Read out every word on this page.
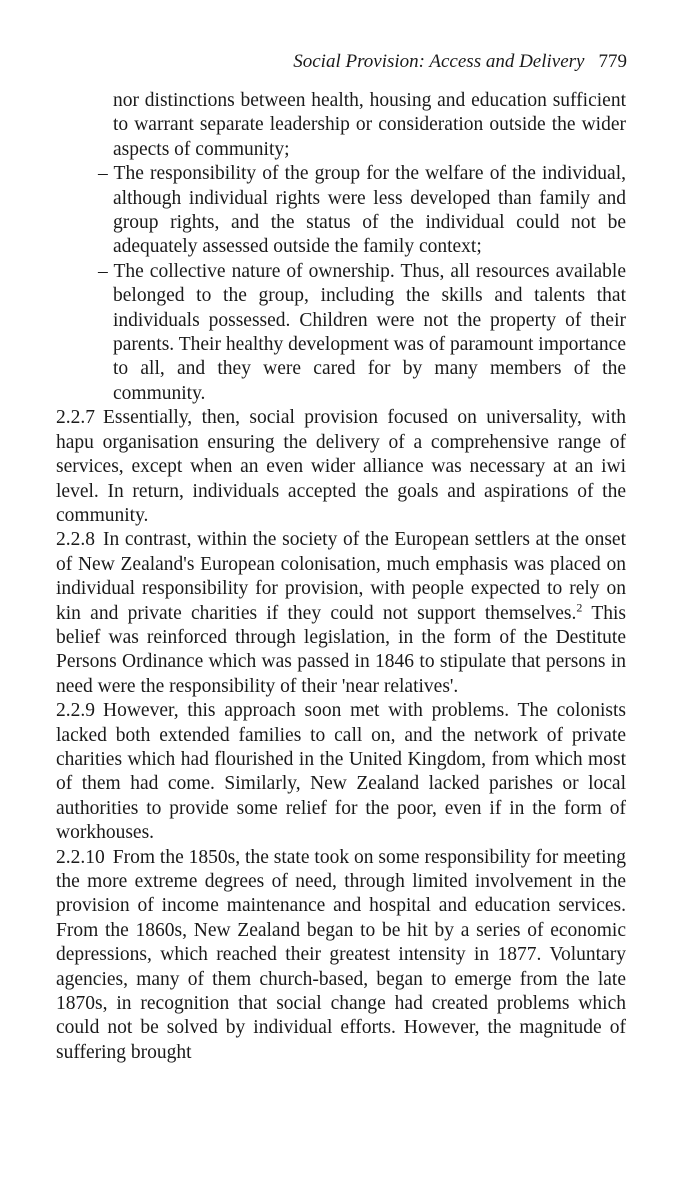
Social Provision: Access and Delivery 779

nor distinctions between health, housing and education sufficient to warrant separate leadership or consideration outside the wider aspects of community;

– The responsibility of the group for the welfare of the individual, although individual rights were less developed than family and group rights, and the status of the individual could not be adequately assessed outside the family context;

– The collective nature of ownership. Thus, all resources available belonged to the group, including the skills and talents that individuals possessed. Children were not the property of their parents. Their healthy development was of paramount importance to all, and they were cared for by many members of the community.

2.2.7 Essentially, then, social provision focused on universality, with hapu organisation ensuring the delivery of a comprehensive range of services, except when an even wider alliance was necessary at an iwi level. In return, individuals accepted the goals and aspirations of the community.

2.2.8 In contrast, within the society of the European settlers at the onset of New Zealand's European colonisation, much emphasis was placed on individual responsibility for provision, with people expected to rely on kin and private charities if they could not support themselves.$^2$ This belief was reinforced through legislation, in the form of the Destitute Persons Ordinance which was passed in 1846 to stipulate that persons in need were the responsibility of their 'near relatives'.

2.2.9 However, this approach soon met with problems. The colonists lacked both extended families to call on, and the network of private charities which had flourished in the United Kingdom, from which most of them had come. Similarly, New Zealand lacked parishes or local authorities to provide some relief for the poor, even if in the form of workhouses.

2.2.10 From the 1850s, the state took on some responsibility for meeting the more extreme degrees of need, through limited involvement in the provision of income maintenance and hospital and education services. From the 1860s, New Zealand began to be hit by a series of economic depressions, which reached their greatest intensity in 1877. Voluntary agencies, many of them church-based, began to emerge from the late 1870s, in recognition that social change had created problems which could not be solved by individual efforts. However, the magnitude of suffering brought
